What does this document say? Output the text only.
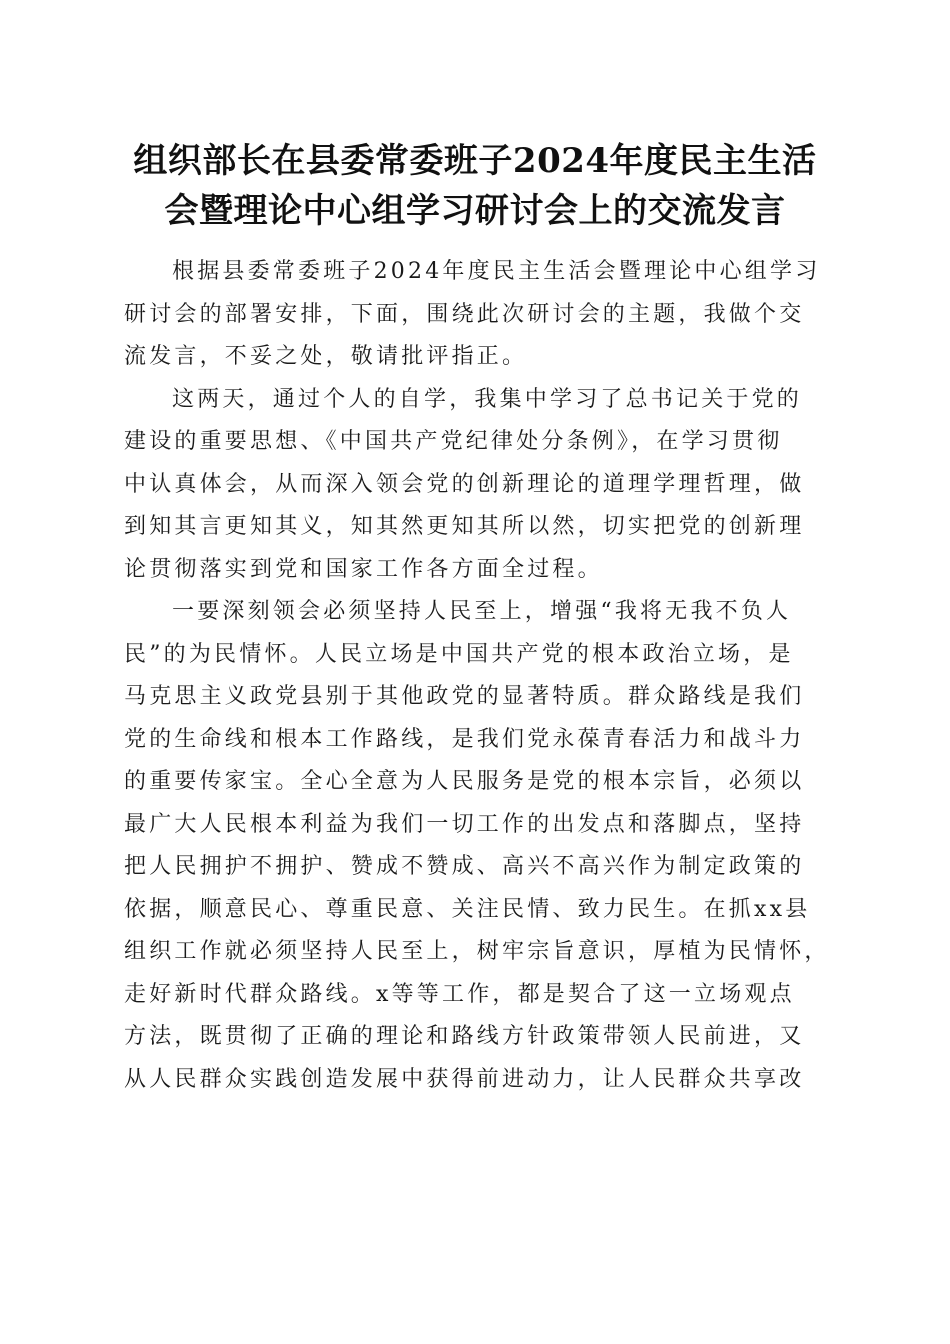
组织部长在县委常委班子2024年度民主生活
会暨理论中心组学习研讨会上的交流发言
根据县委常委班子2024年度民主生活会暨理论中心组学习
研讨会的部署安排，下面，围绕此次研讨会的主题，我做个交
流发言，不妥之处，敬请批评指正。
这两天，通过个人的自学，我集中学习了总书记关于党的
建设的重要思想、《中国共产党纪律处分条例》，在学习贯彻
中认真体会，从而深入领会党的创新理论的道理学理哲理，做
到知其言更知其义，知其然更知其所以然，切实把党的创新理
论贯彻落实到党和国家工作各方面全过程。
一要深刻领会必须坚持人民至上，增强“我将无我不负人
民”的为民情怀。人民立场是中国共产党的根本政治立场，是
马克思主义政党县别于其他政党的显著特质。群众路线是我们
党的生命线和根本工作路线，是我们党永葆青春活力和战斗力
的重要传家宝。全心全意为人民服务是党的根本宗旨，必须以
最广大人民根本利益为我们一切工作的出发点和落脚点，坚持
把人民拥护不拥护、赞成不赞成、高兴不高兴作为制定政策的
依据，顺意民心、尊重民意、关注民情、致力民生。在抓xx县
组织工作就必须坚持人民至上，树牢宗旨意识，厚植为民情怀，
走好新时代群众路线。x等等工作，都是契合了这一立场观点
方法，既贯彻了正确的理论和路线方针政策带领人民前进，又
从人民群众实践创造发展中获得前进动力，让人民群众共享改
